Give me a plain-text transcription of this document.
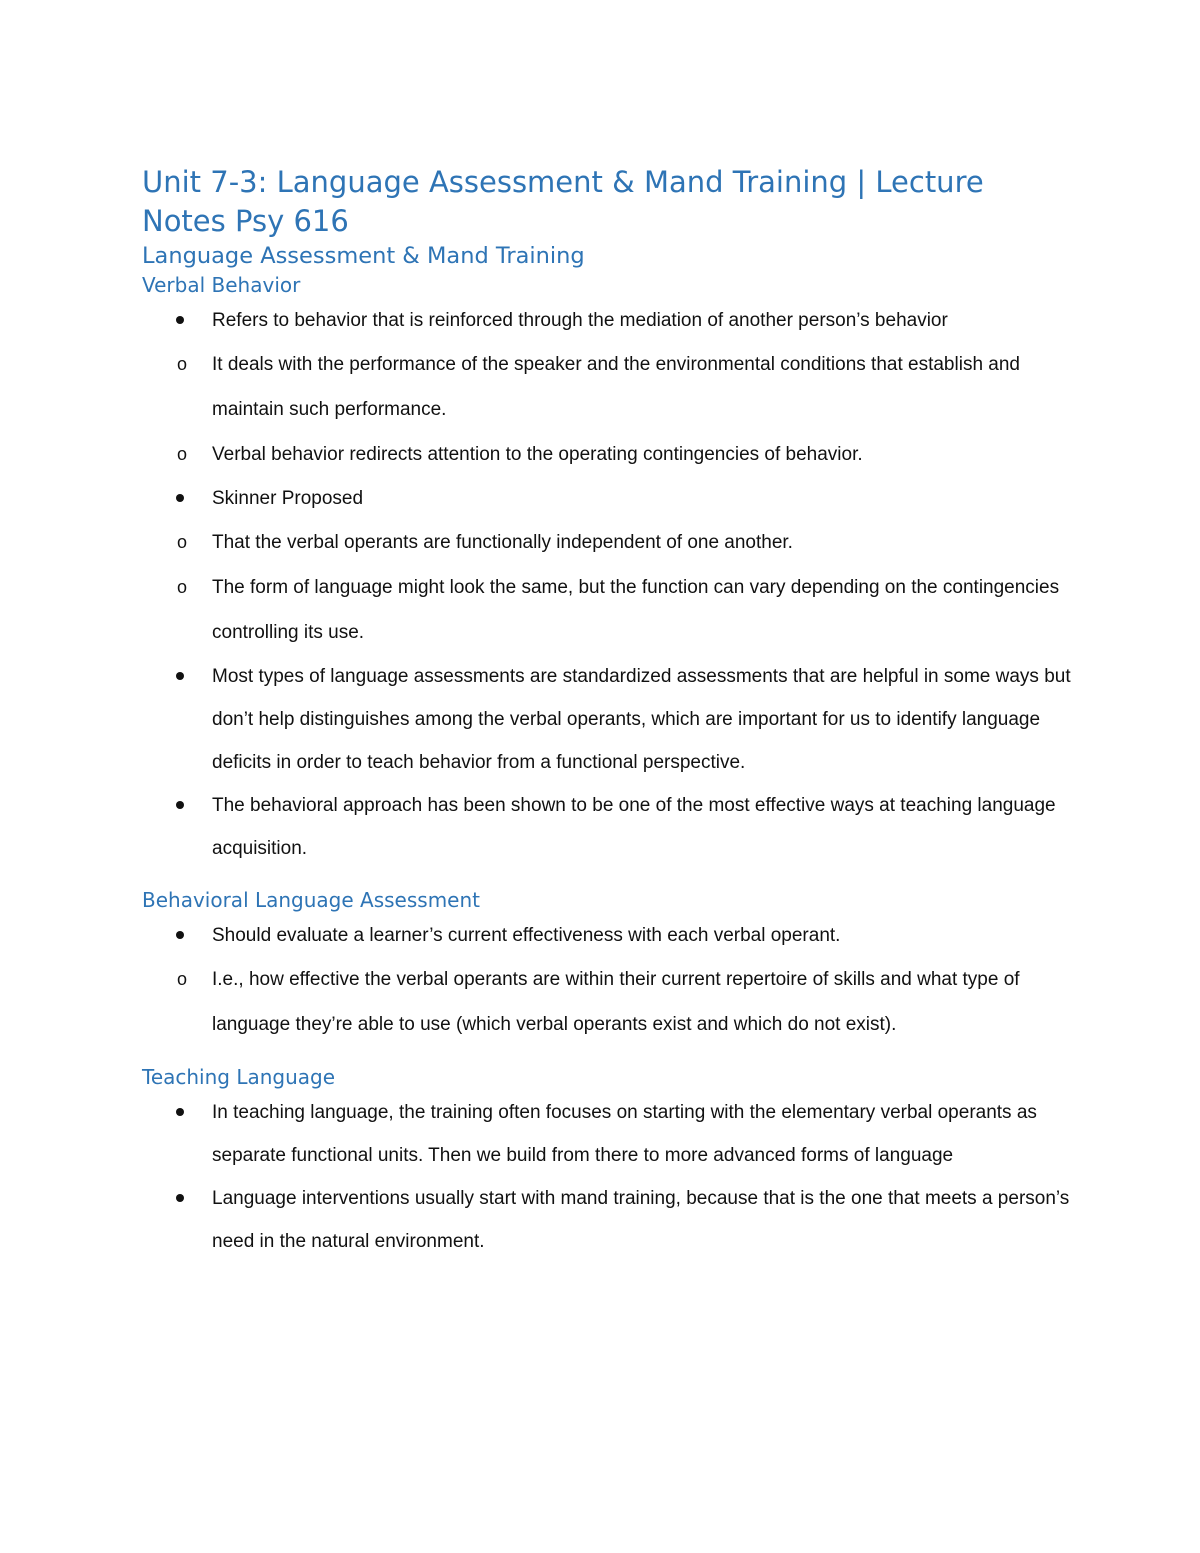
Unit 7-3: Language Assessment & Mand Training | Lecture Notes Psy 616
Language Assessment & Mand Training
Verbal Behavior
Refers to behavior that is reinforced through the mediation of another person’s behavior
o It deals with the performance of the speaker and the environmental conditions that establish and maintain such performance.
o Verbal behavior redirects attention to the operating contingencies of behavior.
Skinner Proposed
o That the verbal operants are functionally independent of one another.
o The form of language might look the same, but the function can vary depending on the contingencies controlling its use.
Most types of language assessments are standardized assessments that are helpful in some ways but don’t help distinguishes among the verbal operants, which are important for us to identify language deficits in order to teach behavior from a functional perspective.
The behavioral approach has been shown to be one of the most effective ways at teaching language acquisition.
Behavioral Language Assessment
Should evaluate a learner’s current effectiveness with each verbal operant.
o I.e., how effective the verbal operants are within their current repertoire of skills and what type of language they’re able to use (which verbal operants exist and which do not exist).
Teaching Language
In teaching language, the training often focuses on starting with the elementary verbal operants as separate functional units. Then we build from there to more advanced forms of language
Language interventions usually start with mand training, because that is the one that meets a person’s need in the natural environment.
